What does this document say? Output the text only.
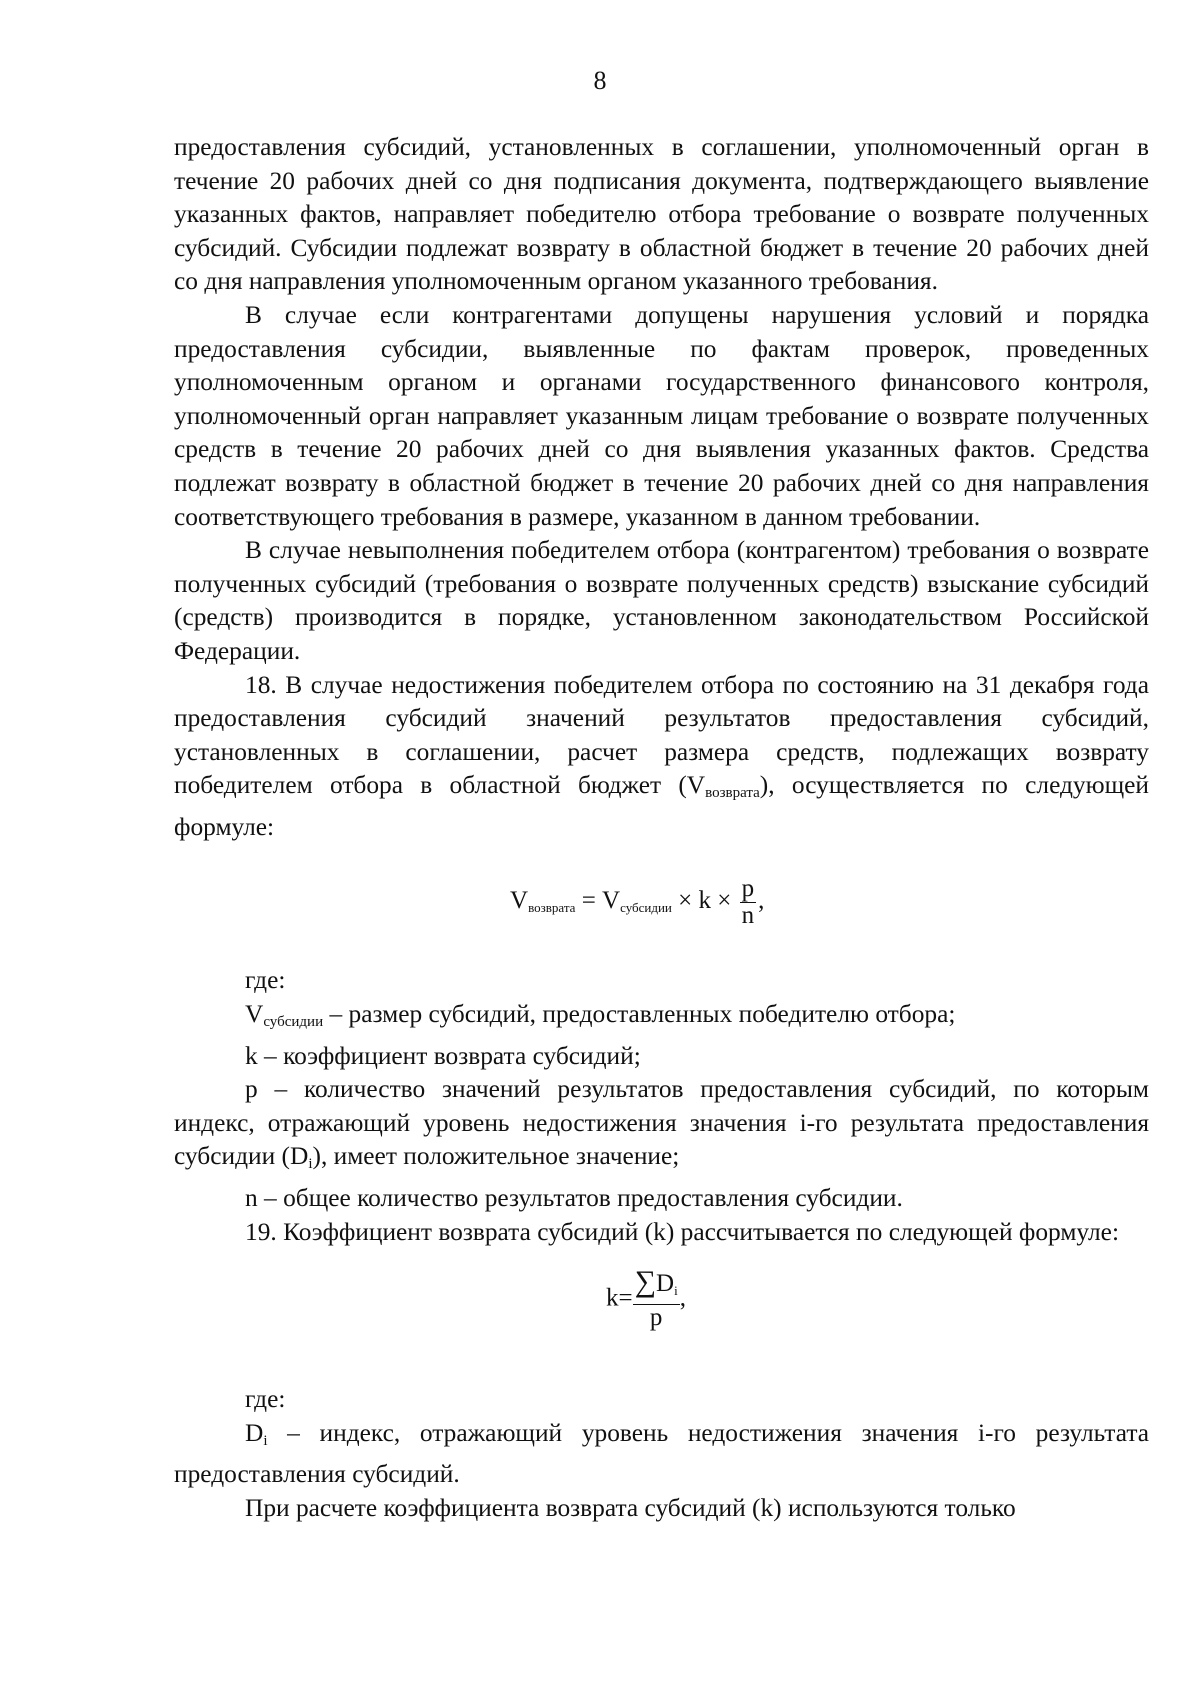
8

предоставления субсидий, установленных в соглашении, уполномоченный орган в течение 20 рабочих дней со дня подписания документа, подтверждающего выявление указанных фактов, направляет победителю отбора требование о возврате полученных субсидий. Субсидии подлежат возврату в областной бюджет в течение 20 рабочих дней со дня направления уполномоченным органом указанного требования.

В случае если контрагентами допущены нарушения условий и порядка предоставления субсидии, выявленные по фактам проверок, проведенных уполномоченным органом и органами государственного финансового контроля, уполномоченный орган направляет указанным лицам требование о возврате полученных средств в течение 20 рабочих дней со дня выявления указанных фактов. Средства подлежат возврату в областной бюджет в течение 20 рабочих дней со дня направления соответствующего требования в размере, указанном в данном требовании.

В случае невыполнения победителем отбора (контрагентом) требования о возврате полученных субсидий (требования о возврате полученных средств) взыскание субсидий (средств) производится в порядке, установленном законодательством Российской Федерации.

18. В случае недостижения победителем отбора по состоянию на 31 декабря года предоставления субсидий значений результатов предоставления субсидий, установленных в соглашении, расчет размера средств, подлежащих возврату победителем отбора в областной бюджет $(V_{возврата})$, осуществляется по следующей формуле:

Vвозврата = Vсубсидии × $k \times \frac{p}{n}$ ,

где:

$V_{субсидии}$ – размер субсидий, предоставленных победителю отбора;

k – коэффициент возврата субсидий;

p – количество значений результатов предоставления субсидий, по которым индекс, отражающий уровень недостижения значения i-го результата предоставления субсидии $(D_i)$, имеет положительное значение;

n – общее количество результатов предоставления субсидии.

19. Коэффициент возврата субсидий (k) рассчитывается по следующей формуле:

$k= \frac{\sum Di}{p}$ ,

где:

$D_i$ – индекс, отражающий уровень недостижения значения i-го результата предоставления субсидий.

При расчете коэффициента возврата субсидий (k) используются только
